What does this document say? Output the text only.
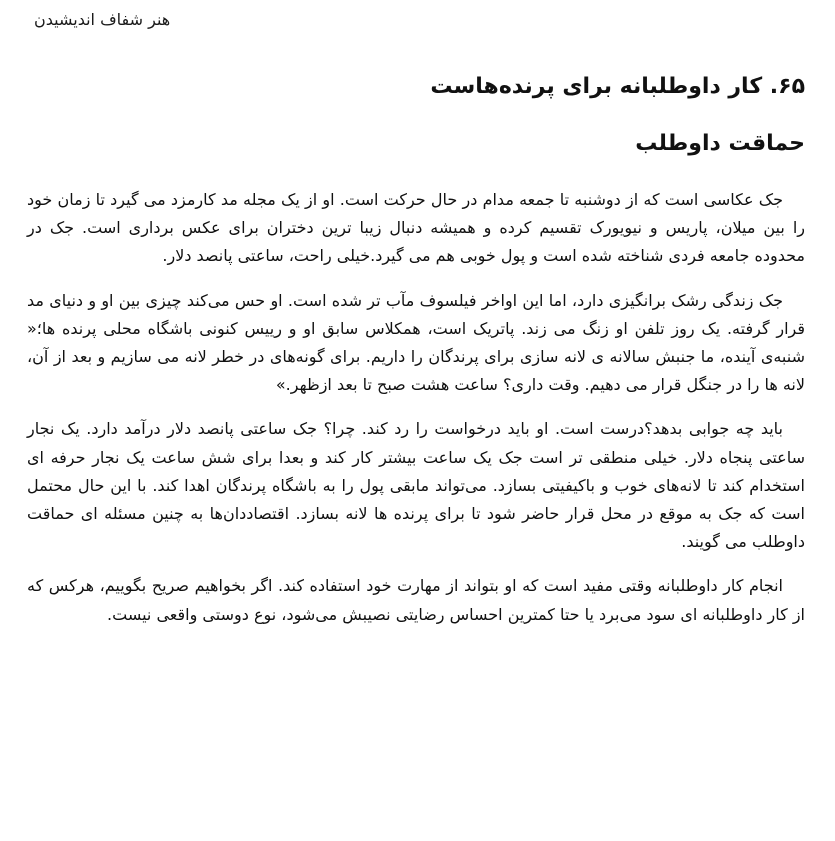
هنر شفاف اندیشیدن
۶۵. کار داوطلبانه برای پرنده‌هاست
حماقت داوطلب

جک عکاسی است که از دوشنبه تا جمعه مدام در حال حرکت است. او از یک مجله مد کارمزد می گیرد تا زمان خود را بین میلان، پاریس و نیویورک تقسیم کرده و همیشه دنبال زیبا ترین دختران برای عکس برداری است. جک در محدوده جامعه فردی شناخته شده است و پول خوبی هم می گیرد.خیلی راحت، ساعتی پانصد دلار.

جک زندگی رشک برانگیزی دارد، اما این اواخر فیلسوف مآب تر شده است. او حس می‌کند چیزی بین او و دنیای مد قرار گرفته. یک روز تلفن او زنگ می زند. پاتریک است، همکلاس سابق او و رییس کنونی باشگاه محلی پرنده ها؛« شنبه‌ی آینده، ما جنبش سالانه ی لانه سازی برای پرندگان را داریم. برای گونه‌های در خطر لانه می سازیم و بعد از آن، لانه ها را در جنگل قرار می دهیم. وقت داری؟ ساعت هشت صبح تا بعد ازظهر.»

باید چه جوابی بدهد؟درست است. او باید درخواست را رد کند. چرا؟ جک ساعتی پانصد دلار درآمد دارد. یک نجار ساعتی پنجاه دلار. خیلی منطقی تر است جک یک ساعت بیشتر کار کند و بعدا برای شش ساعت یک نجار حرفه ای استخدام کند تا لانه‌های خوب و باکیفیتی بسازد. می‌تواند مابقی پول را به باشگاه پرندگان اهدا کند. با این حال محتمل است که جک به موقع در محل قرار حاضر شود تا برای پرنده ها لانه بسازد. اقتصاددان‌ها به چنین مسئله ای حماقت داوطلب می گویند.

انجام کار داوطلبانه وقتی مفید است که او بتواند از مهارت خود استفاده کند. اگر بخواهیم صریح بگوییم، هرکس که از کار داوطلبانه ای سود می‌برد یا حتا کمترین احساس رضایتی نصیبش می‌شود، نوع دوستی واقعی نیست.
